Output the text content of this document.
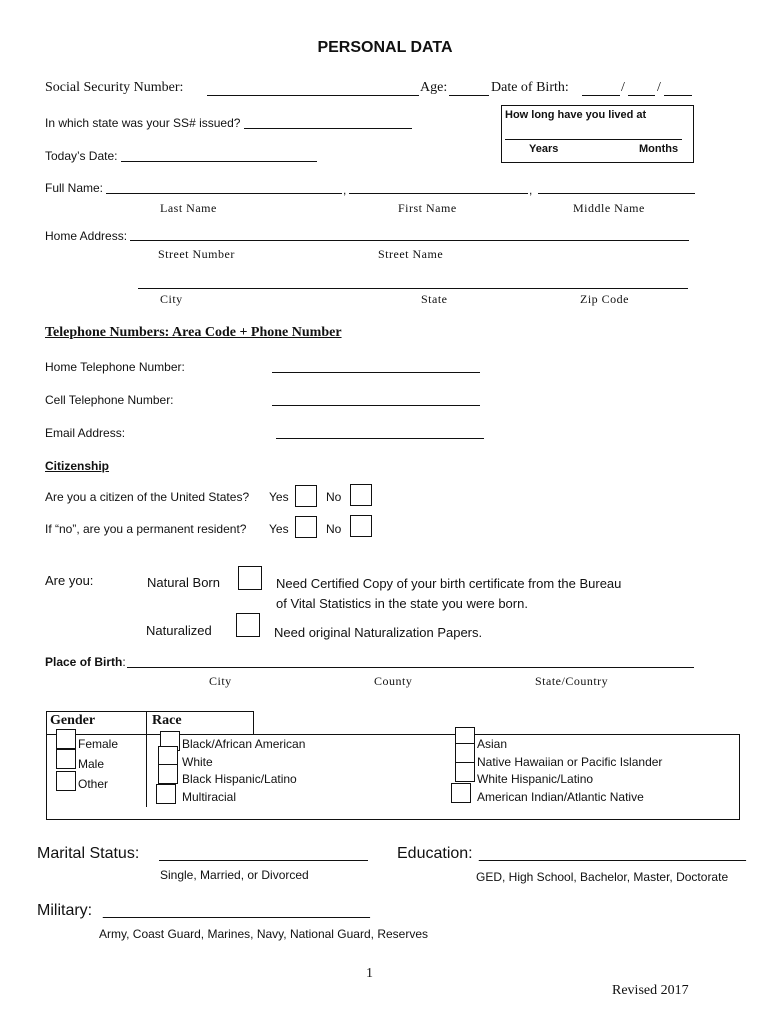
PERSONAL DATA
Social Security Number:	Age:	Date of Birth:	/ /
In which state was your SS# issued?
How long have you lived at
Years	Months
Today’s Date:
Full Name:	,	,
Last Name	First Name	Middle Name
Home Address:
Street Number	Street Name
City	State	Zip Code
Telephone Numbers: Area Code + Phone Number
Home Telephone Number:
Cell Telephone Number:
Email Address:
Citizenship
Are you a citizen of the United States? Yes	No
If “no”, are you a permanent resident? Yes	No
Are you:	Natural Born	Need Certified Copy of your birth certificate from the Bureau
of Vital Statistics in the state you were born.
Naturalized	Need original Naturalization Papers.
Place of Birth:
City	County	State/Country
Gender	Race
Female
Male
Other
Black/African American
White
Black Hispanic/Latino
Multiracial
Asian
Native Hawaiian or Pacific Islander
White Hispanic/Latino
American Indian/Atlantic Native
Marital Status:
Single, Married, or Divorced
Education: ______________________________
GED, High School, Bachelor, Master, Doctorate
Military: ______________________________
Army, Coast Guard, Marines, Navy, National Guard, Reserves
1
Revised 2017
